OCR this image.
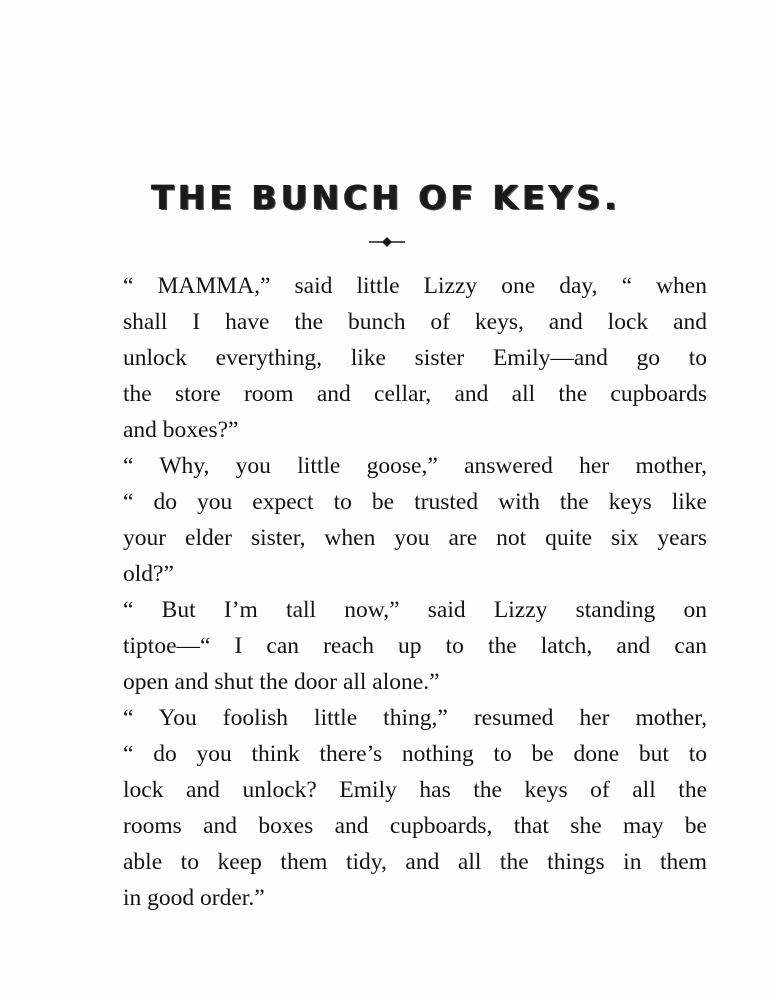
THE BUNCH OF KEYS.

“ MAMMA,” said little Lizzy one day, “ when
shall I have the bunch of keys, and lock and
unlock everything, like sister Emily—and go to
the store room and cellar, and all the cupboards
and boxes?”

“ Why, you little goose,” answered her mother,
“ do you expect to be trusted with the keys like
your elder sister, when you are not quite six years
old?”

“ But I’m tall now,” said Lizzy standing on
tiptoe—“ I can reach up to the latch, and can
open and shut the door all alone.”

“ You foolish little thing,” resumed her mother,
“ do you think there’s nothing to be done but to
lock and unlock? Emily has the keys of all the
rooms and boxes and cupboards, that she may be
able to keep them tidy, and all the things in them
in good order.”
